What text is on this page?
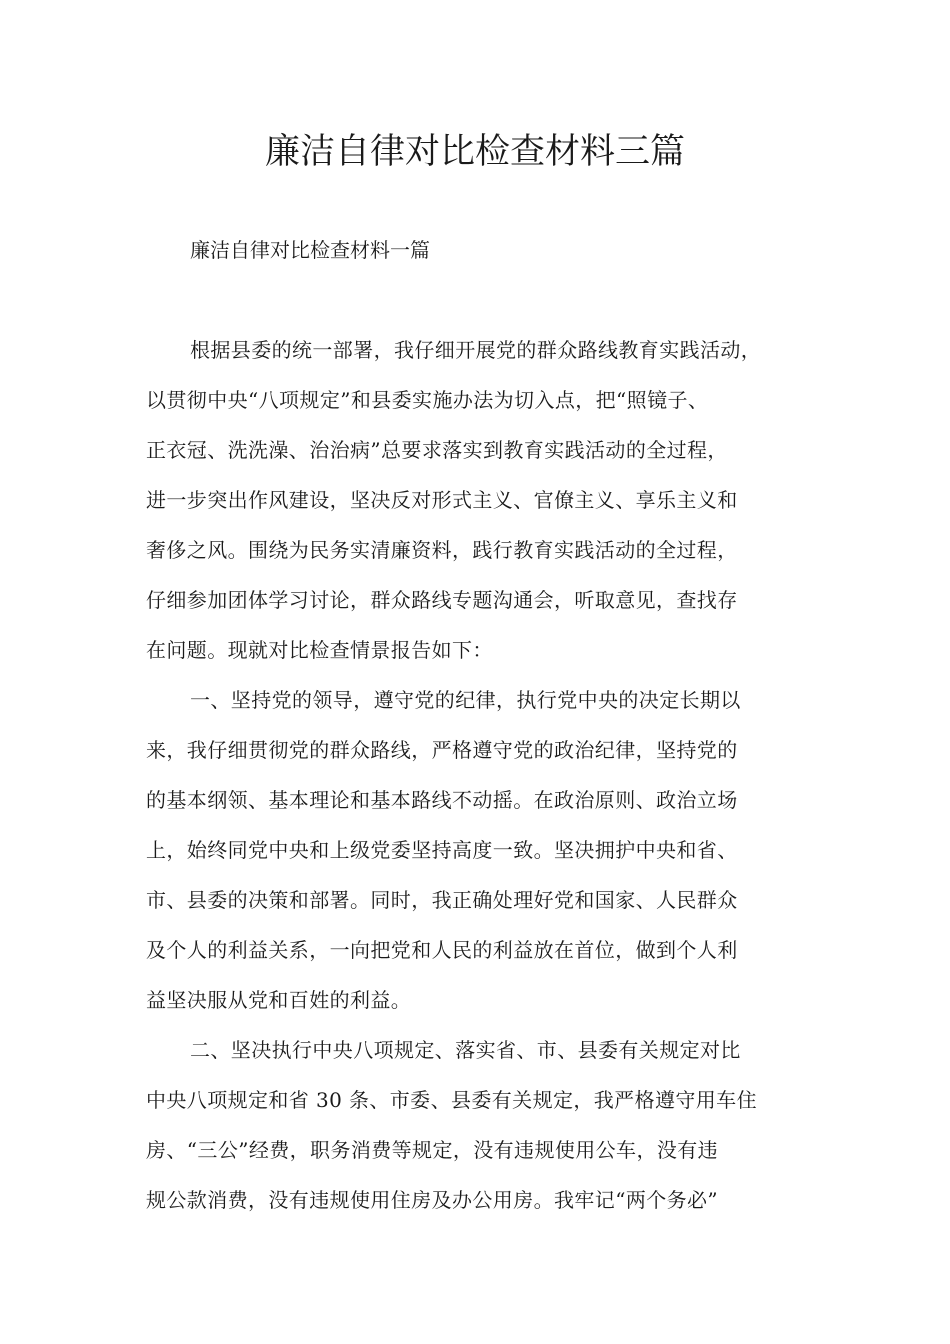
廉洁自律对比检查材料三篇

廉洁自律对比检查材料一篇

根据县委的统一部署，我仔细开展党的群众路线教育实践活动，
以贯彻中央“八项规定”和县委实施办法为切入点，把“照镜子、
正衣冠、洗洗澡、治治病”总要求落实到教育实践活动的全过程，
进一步突出作风建设，坚决反对形式主义、官僚主义、享乐主义和
奢侈之风。围绕为民务实清廉资料，践行教育实践活动的全过程，
仔细参加团体学习讨论，群众路线专题沟通会，听取意见，查找存
在问题。现就对比检查情景报告如下：
一、坚持党的领导，遵守党的纪律，执行党中央的决定长期以
来，我仔细贯彻党的群众路线，严格遵守党的政治纪律，坚持党的
的基本纲领、基本理论和基本路线不动摇。在政治原则、政治立场
上，始终同党中央和上级党委坚持高度一致。坚决拥护中央和省、
市、县委的决策和部署。同时，我正确处理好党和国家、人民群众
及个人的利益关系，一向把党和人民的利益放在首位，做到个人利
益坚决服从党和百姓的利益。
二、坚决执行中央八项规定、落实省、市、县委有关规定对比
中央八项规定和省 30 条、市委、县委有关规定，我严格遵守用车住
房、“三公”经费，职务消费等规定，没有违规使用公车，没有违
规公款消费，没有违规使用住房及办公用房。我牢记“两个务必”
